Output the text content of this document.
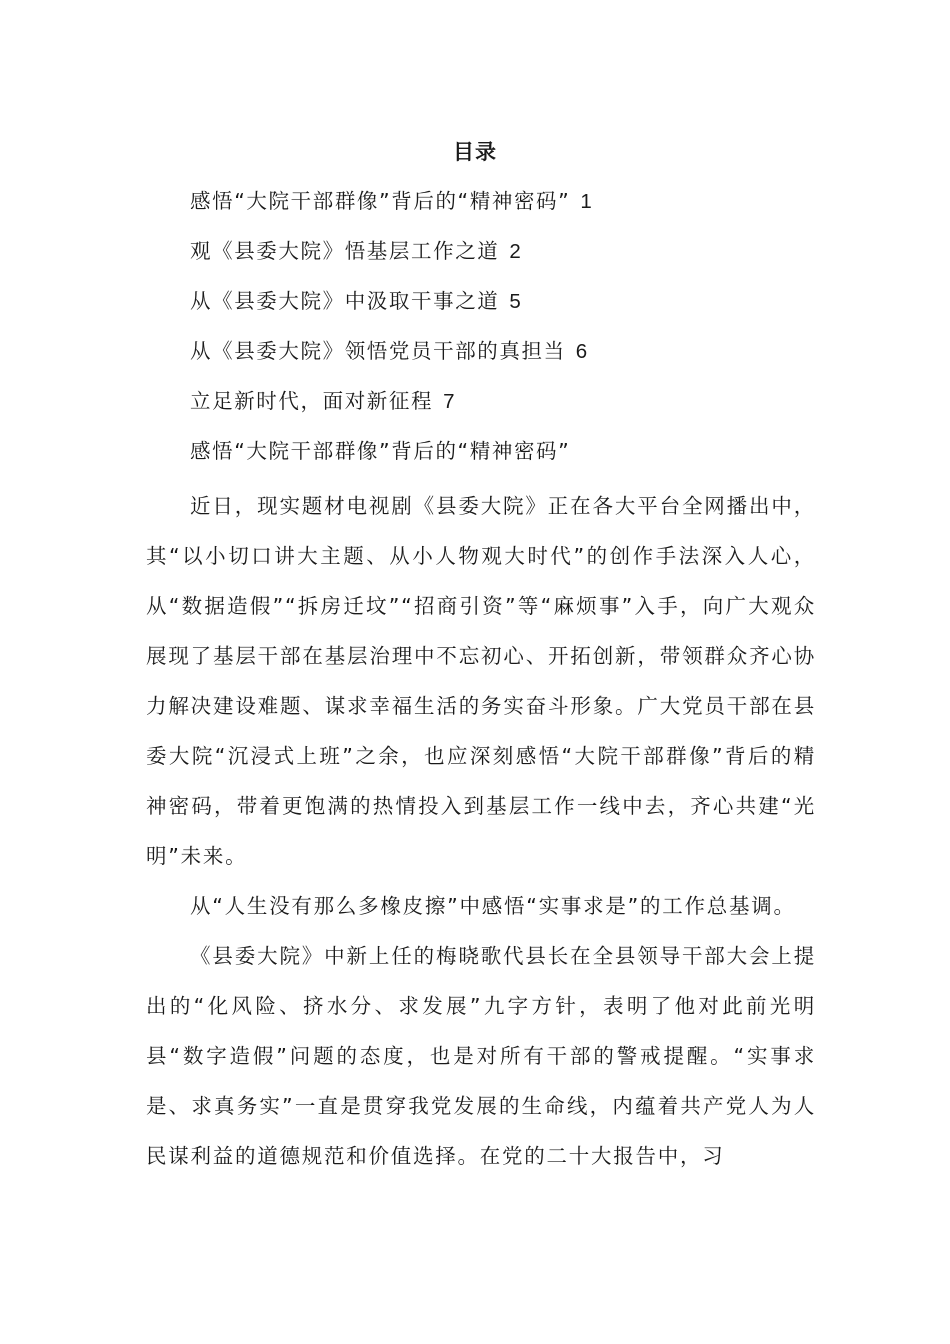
目录
感悟“大院干部群像”背后的“精神密码” 1
观《县委大院》悟基层工作之道 2
从《县委大院》中汲取干事之道 5
从《县委大院》领悟党员干部的真担当 6
立足新时代，面对新征程 7
感悟“大院干部群像”背后的“精神密码”

近日，现实题材电视剧《县委大院》正在各大平台全网播出中，其“以小切口讲大主题、从小人物观大时代”的创作手法深入人心，从“数据造假”“拆房迁坟”“招商引资”等“麻烦事”入手，向广大观众展现了基层干部在基层治理中不忘初心、开拓创新，带领群众齐心协力解决建设难题、谋求幸福生活的务实奋斗形象。广大党员干部在县委大院“沉浸式上班”之余，也应深刻感悟“大院干部群像”背后的精神密码，带着更饱满的热情投入到基层工作一线中去，齐心共建“光明”未来。

从“人生没有那么多橡皮擦”中感悟“实事求是”的工作总基调。

《县委大院》中新上任的梅晓歌代县长在全县领导干部大会上提出的“化风险、挤水分、求发展”九字方针，表明了他对此前光明县“数字造假”问题的态度，也是对所有干部的警戒提醒。“实事求是、求真务实”一直是贯穿我党发展的生命线，内蕴着共产党人为人民谋利益的道德规范和价值选择。在党的二十大报告中，习
